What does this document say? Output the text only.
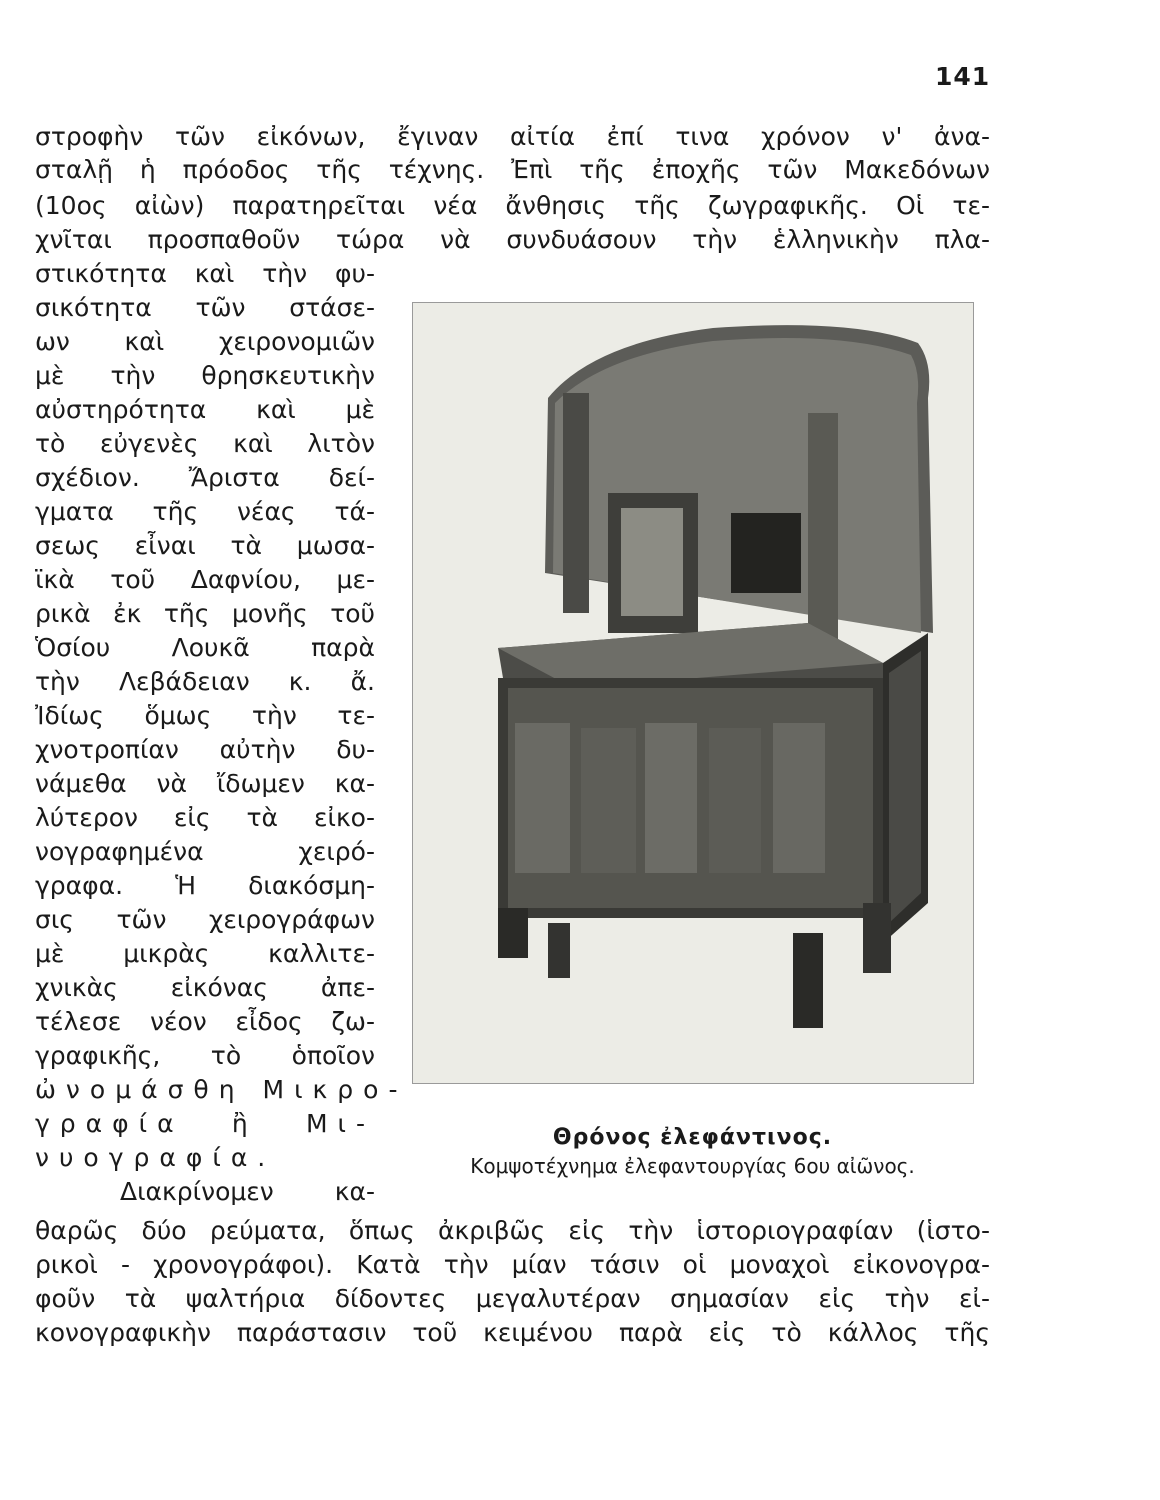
141
στροφὴν τῶν εἰκόνων, ἔγιναν αἰτία ἐπί τινα χρόνον ν' ἀνα-
σταλῇ ἡ πρόοδος τῆς τέχνης. Ἐπὶ τῆς ἐποχῆς τῶν Μακεδόνων
(10ος αἰὼν) παρατηρεῖται νέα ἄνθησις τῆς ζωγραφικῆς. Οἱ τε-
χνῖται προσπαθοῦν τώρα νὰ συνδυάσουν τὴν ἑλληνικὴν πλα-
στικότητα καὶ τὴν φυ-
σικότητα τῶν στάσε-
ων καὶ χειρονομιῶν
μὲ τὴν θρησκευτικὴν
αὐστηρότητα καὶ μὲ
τὸ εὐγενὲς καὶ λιτὸν
σχέδιον. Ἄριστα δεί-
γματα τῆς νέας τά-
σεως εἶναι τὰ μωσα-
ϊκὰ τοῦ Δαφνίου, με-
ρικὰ ἐκ τῆς μονῆς τοῦ
Ὁσίου Λουκᾶ παρὰ
τὴν Λεβάδειαν κ. ἄ.
Ἰδίως ὅμως τὴν τε-
χνοτροπίαν αὐτὴν δυ-
νάμεθα νὰ ἴδωμεν κα-
λύτερον εἰς τὰ εἰκο-
νογραφημένα χειρό-
γραφα. Ἡ διακόσμη-
σις τῶν χειρογράφων
μὲ μικρὰς καλλιτε-
χνικὰς εἰκόνας ἀπε-
τέλεσε νέον εἶδος ζω-
γραφικῆς, τὸ ὁποῖον
ὠνομάσθη Μικρο-
γραφία ἢ Μι-
νυογραφία.
Διακρίνομεν κα-
Θρόνος ἐλεφάντινος.
Κομψοτέχνημα ἐλεφαντουργίας 6ου αἰῶνος.
θαρῶς δύο ρεύματα, ὅπως ἀκριβῶς εἰς τὴν ἱστοριογραφίαν (ἱστο-
ρικοὶ - χρονογράφοι). Κατὰ τὴν μίαν τάσιν οἱ μοναχοὶ εἰκονογρα-
φοῦν τὰ ψαλτήρια δίδοντες μεγαλυτέραν σημασίαν εἰς τὴν εἰ-
κονογραφικὴν παράστασιν τοῦ κειμένου παρὰ εἰς τὸ κάλλος τῆς
